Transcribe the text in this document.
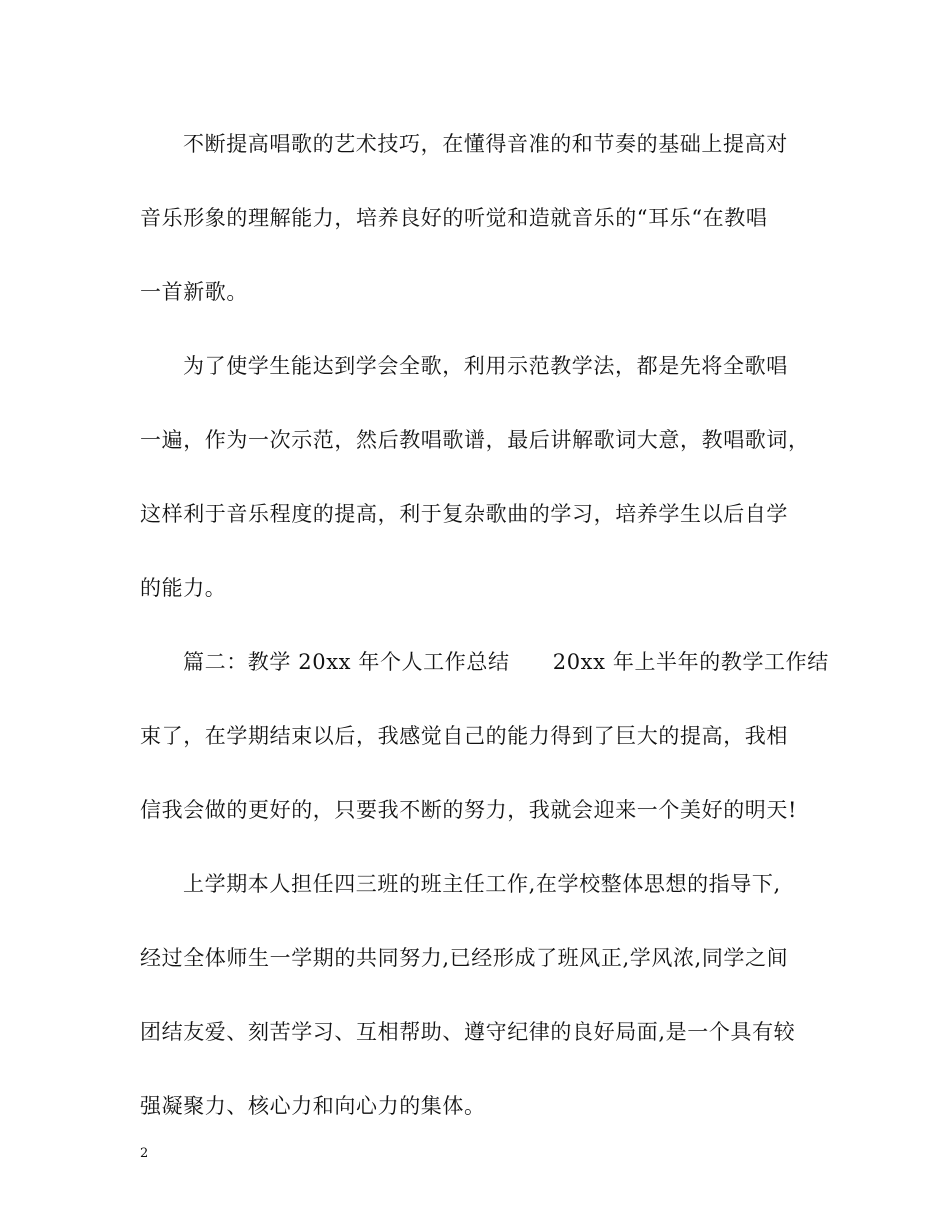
不断提高唱歌的艺术技巧，在懂得音准的和节奏的基础上提高对
音乐形象的理解能力，培养良好的听觉和造就音乐的“耳乐“在教唱
一首新歌。
为了使学生能达到学会全歌，利用示范教学法，都是先将全歌唱
一遍，作为一次示范，然后教唱歌谱，最后讲解歌词大意，教唱歌词，
这样利于音乐程度的提高，利于复杂歌曲的学习，培养学生以后自学
的能力。
篇二：教学 20xx 年个人工作总结　　20xx 年上半年的教学工作结
束了，在学期结束以后，我感觉自己的能力得到了巨大的提高，我相
信我会做的更好的，只要我不断的努力，我就会迎来一个美好的明天!
上学期本人担任四三班的班主任工作,在学校整体思想的指导下,
经过全体师生一学期的共同努力,已经形成了班风正,学风浓,同学之间
团结友爱、刻苦学习、互相帮助、遵守纪律的良好局面,是一个具有较
强凝聚力、核心力和向心力的集体。
2
